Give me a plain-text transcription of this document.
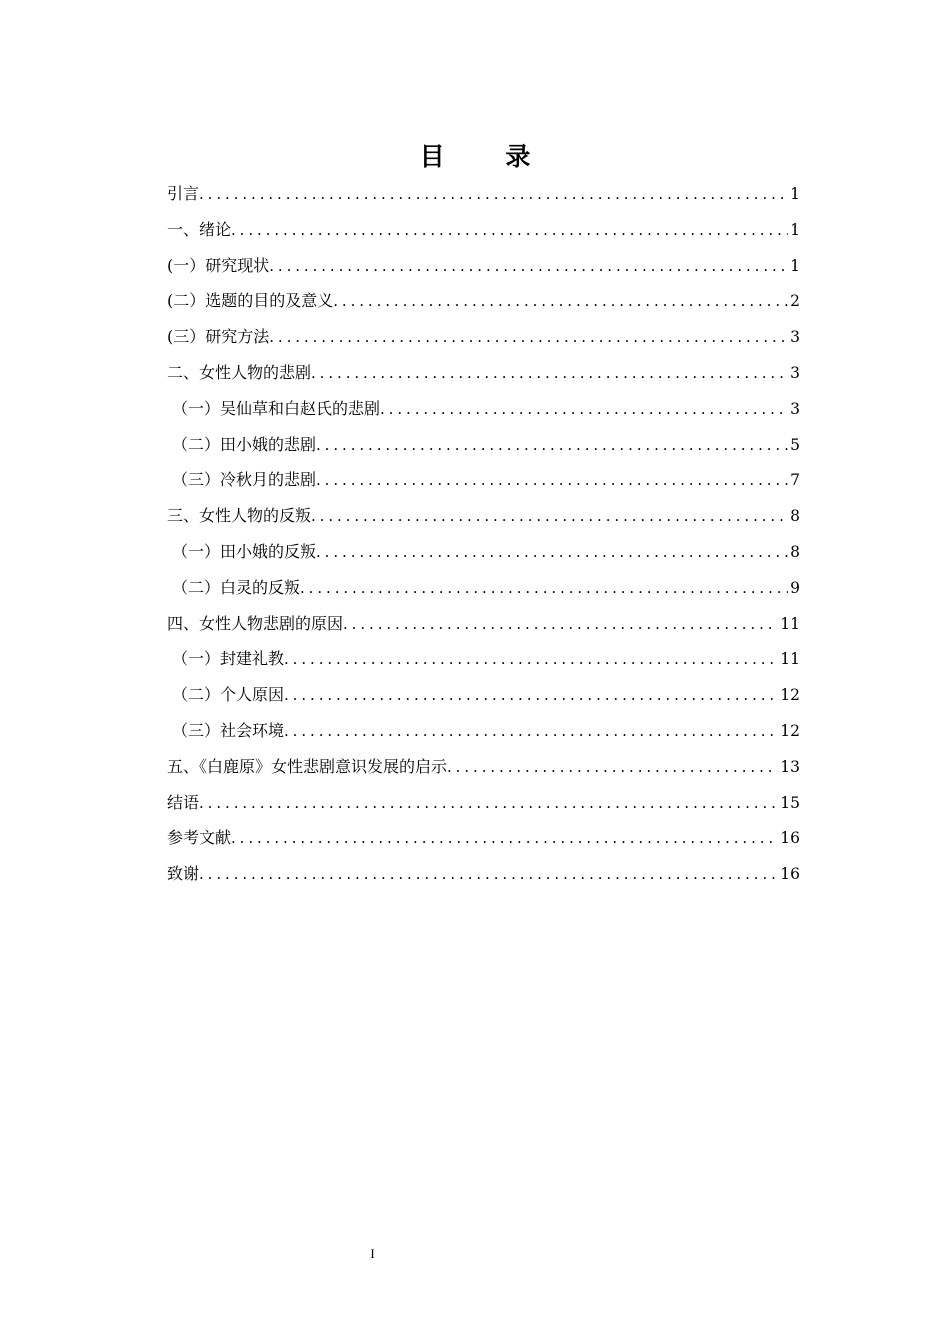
目 录
引言 .....	1
一、绪论 .....	1
(一）研究现状 .....	1
(二）选题的目的及意义 .....	2
(三）研究方法 .....	3
二、女性人物的悲剧 .....	3
（一）吴仙草和白赵氏的悲剧 .....	3
（二）田小娥的悲剧 .....	5
（三）冷秋月的悲剧 .....	7
三、女性人物的反叛 .....	8
（一）田小娥的反叛 .....	8
（二）白灵的反叛 .....	9
四、女性人物悲剧的原因 .....	11
（一）封建礼教 .....	11
（二）个人原因 .....	12
（三）社会环境 .....	12
五、《白鹿原》女性悲剧意识发展的启示 .....	13
结语 .....	15
参考文献 .....	16
致谢 .....	16
I
